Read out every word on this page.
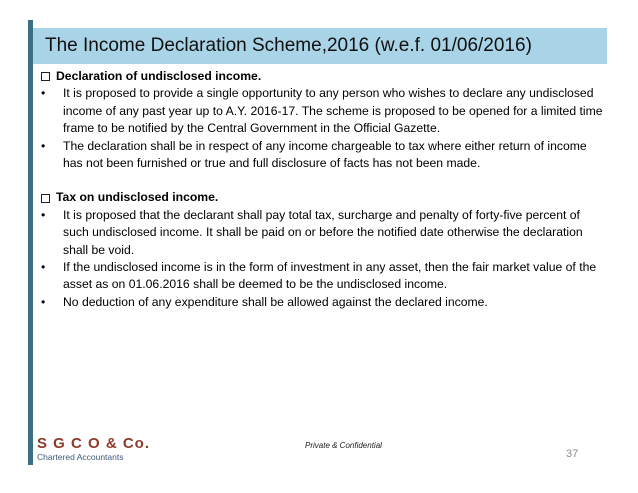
The Income Declaration Scheme,2016 (w.e.f. 01/06/2016)
Declaration of undisclosed income.
•	It is proposed to provide a single opportunity to any person who wishes to declare any undisclosed income of any past year up to A.Y. 2016-17. The scheme is proposed to be opened for a limited time frame to be notified by the Central Government in the Official Gazette.
•	The declaration shall be in respect of any income chargeable to tax where either return of income has not been furnished or true and full disclosure of facts has not been made.
Tax on undisclosed income.
•	It is proposed that the declarant shall pay total tax, surcharge and penalty of forty-five percent of such undisclosed income. It shall be paid on or before the notified date otherwise the declaration shall be void.
•	If the undisclosed income is in the form of investment in any asset, then the fair market value of the asset as on 01.06.2016 shall be deemed to be the undisclosed income.
•	No deduction of any expenditure shall be allowed against the declared income.
S G C O & Co.
Chartered Accountants
Private & Confidential
37
